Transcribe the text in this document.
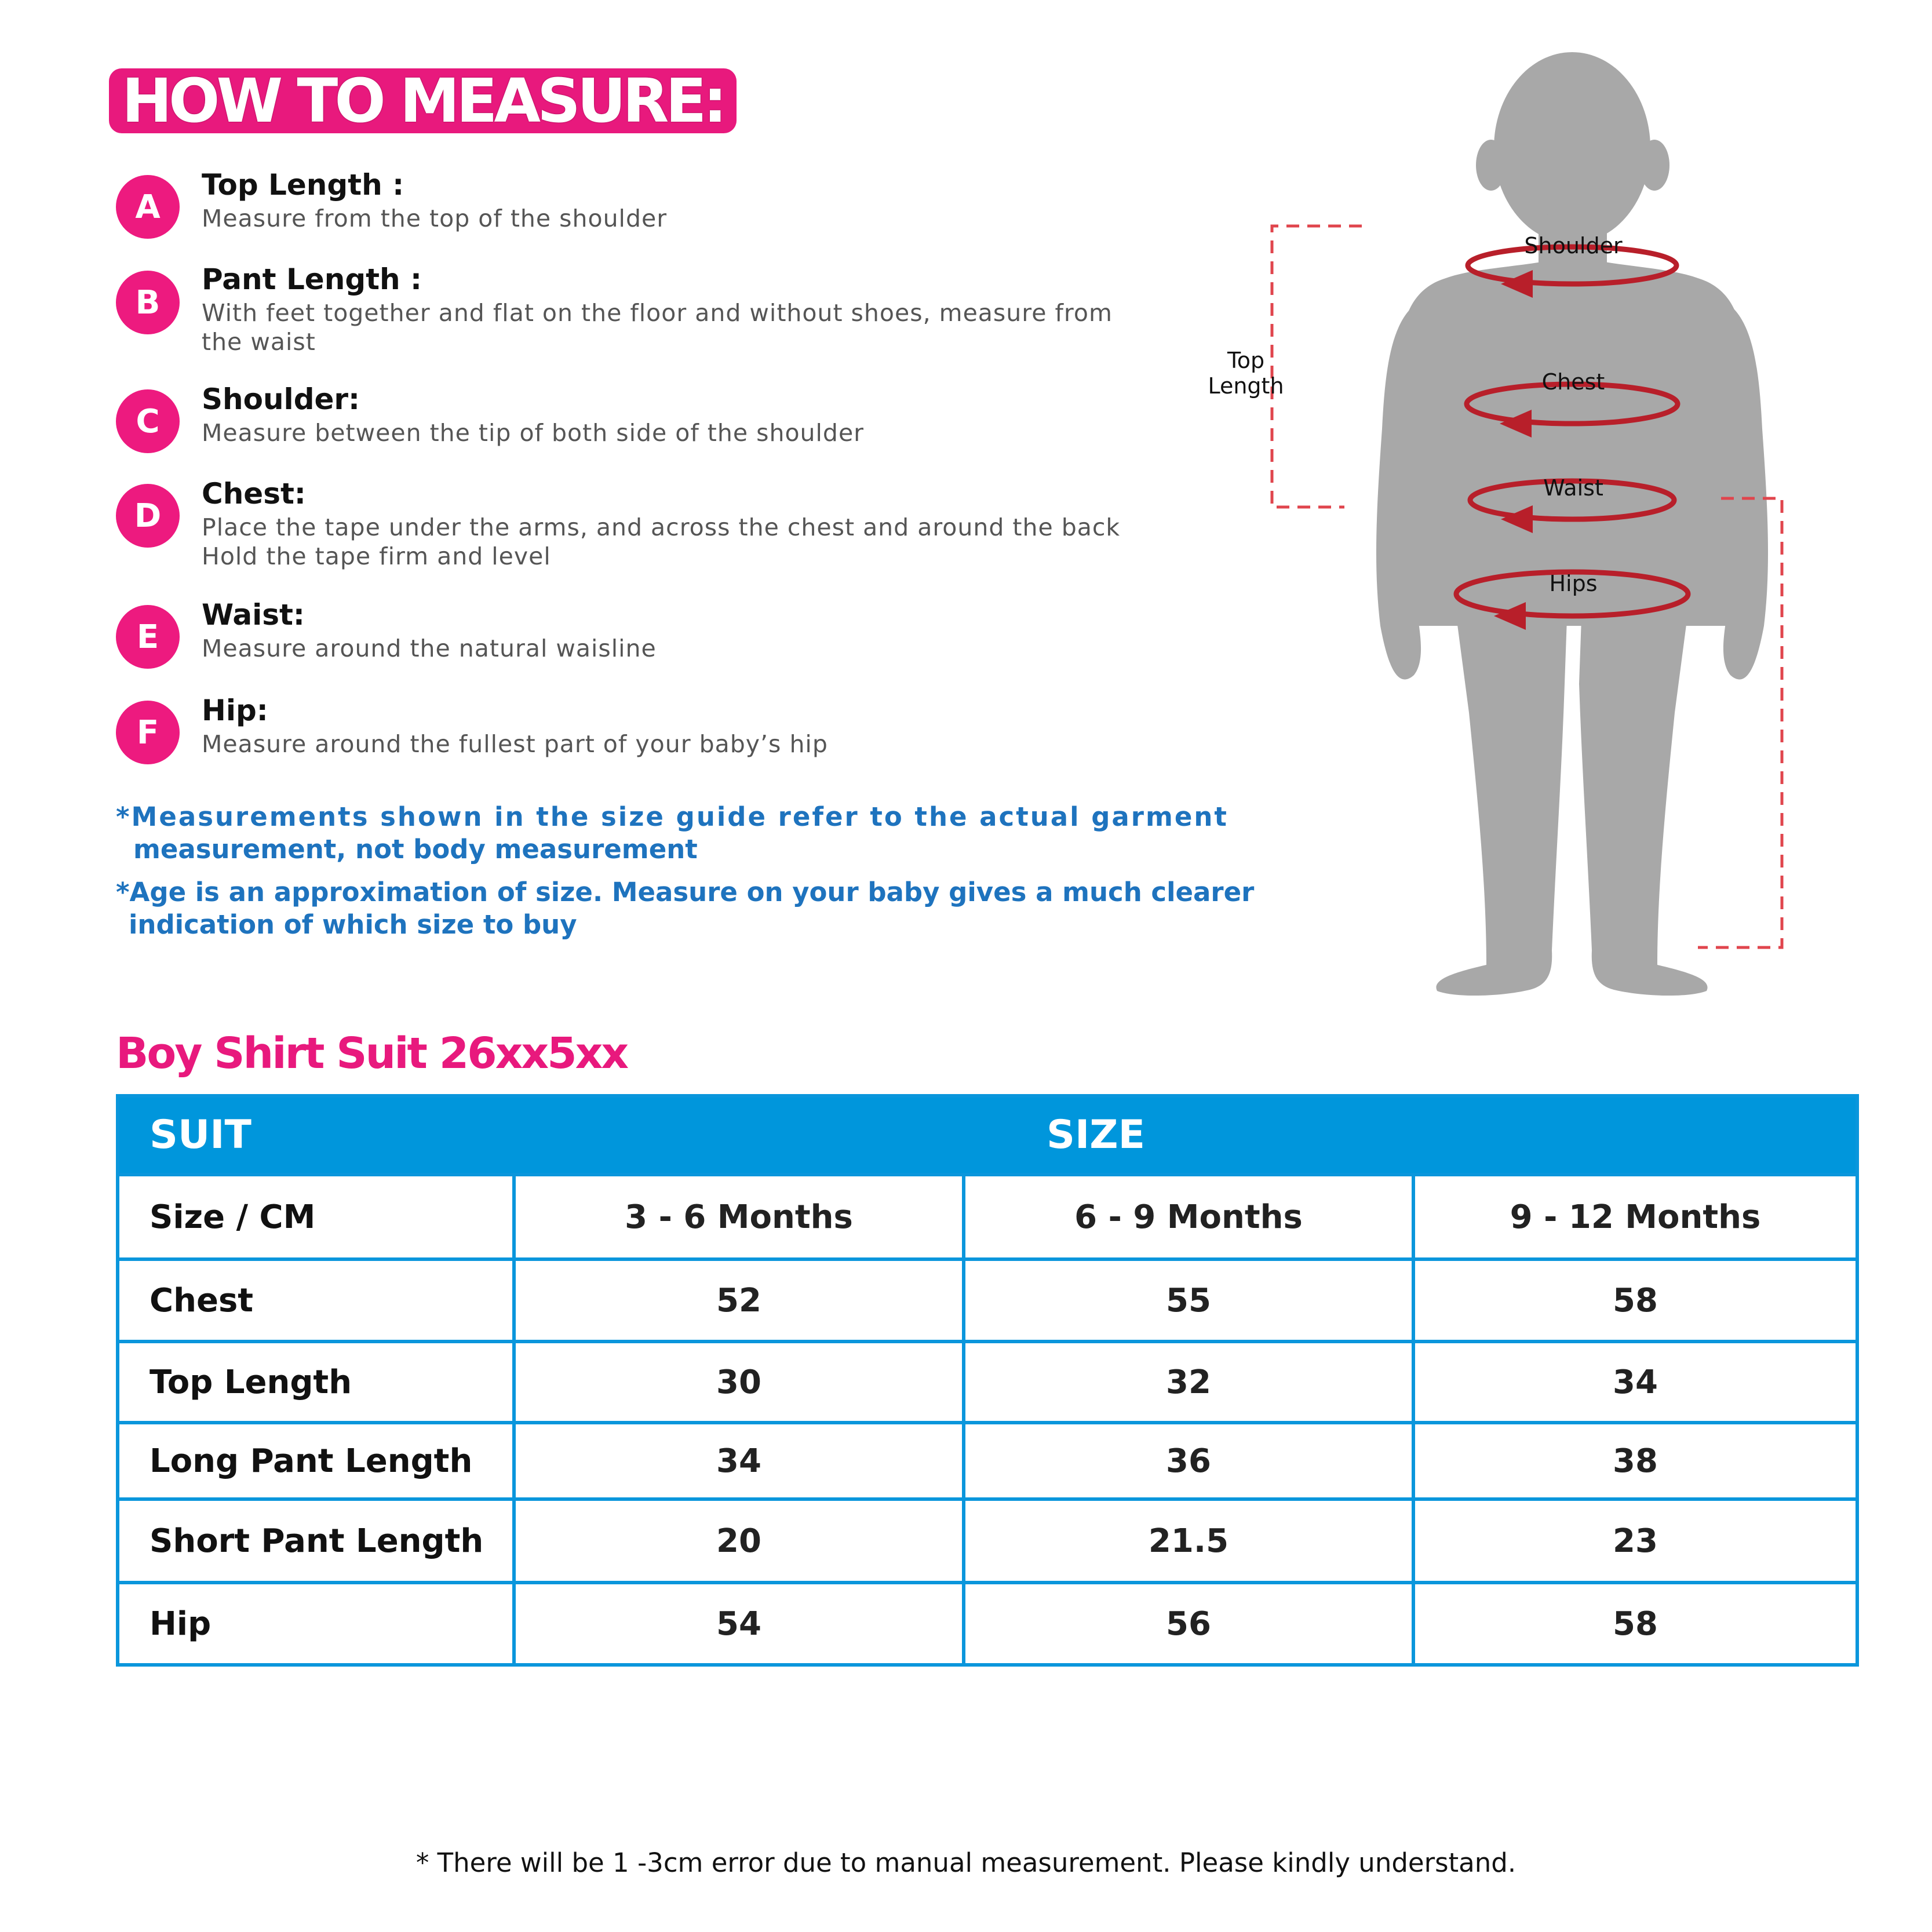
HOW TO MEASURE:
A
Top Length :
Measure from the top of the shoulder
B
Pant Length :
With feet together and flat on the floor and without shoes, measure from the waist
C
Shoulder:
Measure between the tip of both side of the shoulder
D
Chest:
Place the tape under the arms, and across the chest and around the back
Hold the tape firm and level
E
Waist:
Measure around the natural waisline
F
Hip:
Measure around the fullest part of your baby’s hip
*Measurements shown in the size guide refer to the actual garment
measurement, not body measurement
*Age is an approximation of size. Measure on your baby gives a much clearer
indication of which size to buy
Shoulder
Chest
Waist
Hips
Top
Length
Boy Shirt Suit 26xx5xx
SUIT	SIZE
Size / CM	3 - 6 Months	6 - 9 Months	9 - 12 Months
Chest	52	55	58
Top Length	30	32	34
Long Pant Length	34	36	38
Short Pant Length	20	21.5	23
Hip	54	56	58
* There will be 1 -3cm error due to manual measurement. Please kindly understand.
